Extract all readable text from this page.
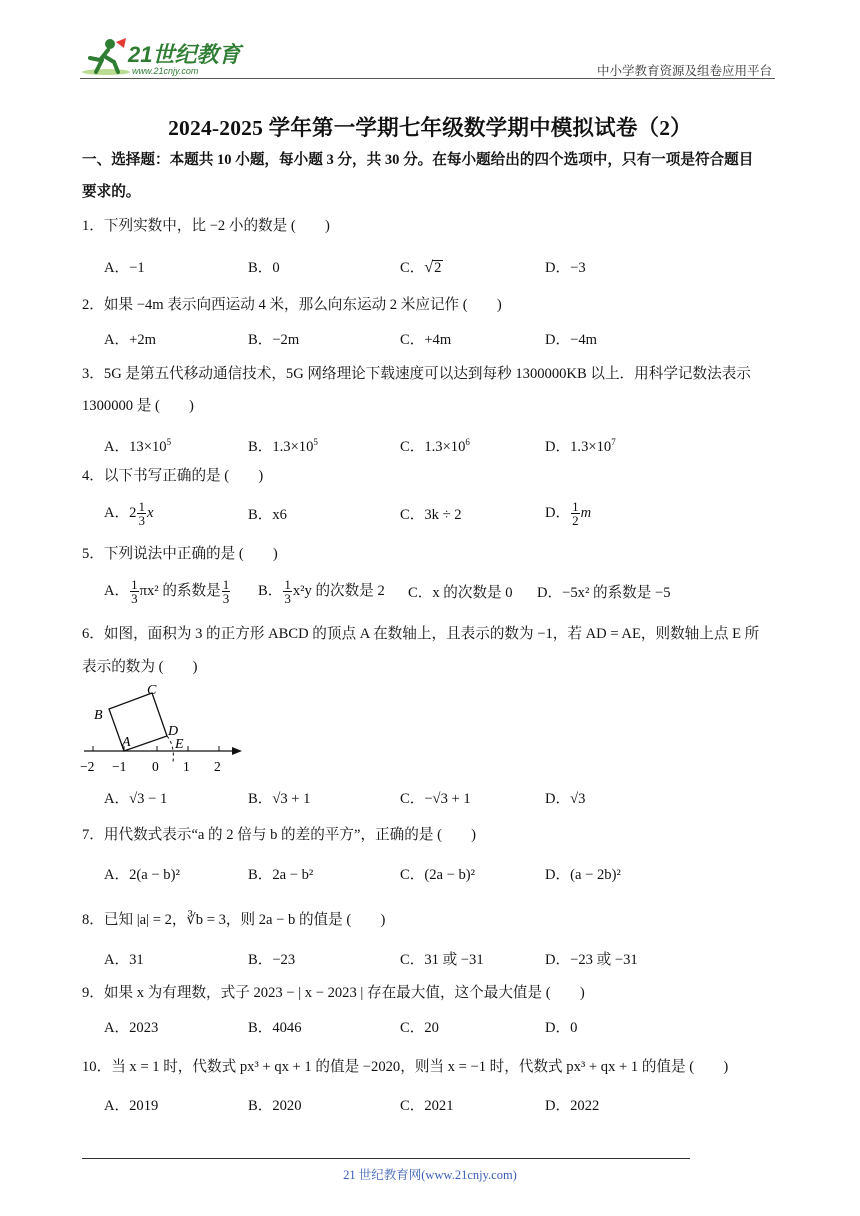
21世纪教育
www.21cnjy.com	中小学教育资源及组卷应用平台
2024-2025 学年第一学期七年级数学期中模拟试卷（2）
一、选择题：本题共 10 小题，每小题 3 分，共 30 分。在每小题给出的四个选项中，只有一项是符合题目
要求的。
1．下列实数中，比 −2 小的数是 (　　)
A．−1	B．0	C．√2	D．−3
2．如果 −4m 表示向西运动 4 米，那么向东运动 2 米应记作 (　　)
A．+2m	B．−2m	C．+4m	D．−4m
3．5G 是第五代移动通信技术，5G 网络理论下载速度可以达到每秒 1300000KB 以上．用科学记数法表示
1300000 是 (　　)
A．$13\times 10^5$	B．$1.3\times 10^5$	C．$1.3\times 10^6$	D．$1.3\times 10^7$
4．以下书写正确的是 (　　)
A．$2 \frac{1}{3}$ x	B．x6	C．3k ÷ 2	D． $\frac{1}{2}$ m
5．下列说法中正确的是 (　　)
A． $\frac{1}{3} \pi x^2$ 的系数是 $\frac{1}{3}$ B． $\frac{1}{3} x^2y$ 的次数是 2 C．x 的次数是 0 D．−5x² 的系数是 −5
6．如图，面积为 3 的正方形 ABCD 的顶点 A 在数轴上，且表示的数为 −1，若 AD = AE，则数轴上点 E 所
表示的数为 (　　)
B
C
A
D
E
−2 −1 0 1 2
A．√3 − 1	B．√3 + 1	C．−√3 + 1	D．√3
7．用代数式表示“a 的 2 倍与 b 的差的平方”，正确的是 (　　)
A．2(a − b)²	B．2a − b²	C．(2a − b)²	D．(a − 2b)²
8．已知 |a| = 2，∛b = 3，则 2a − b 的值是 (　　)
A．31	B．−23	C．31 或 −31	D．−23 或 −31
9．如果 x 为有理数，式子 2023 − | x − 2023 | 存在最大值，这个最大值是 (　　)
A．2023	B．4046	C．20	D．0
10．当 x = 1 时，代数式 px³ + qx + 1 的值是 −2020，则当 x = −1 时，代数式 px³ + qx + 1 的值是 (　　)
A．2019	B．2020	C．2021	D．2022
21 世纪教育网(www.21cnjy.com)
